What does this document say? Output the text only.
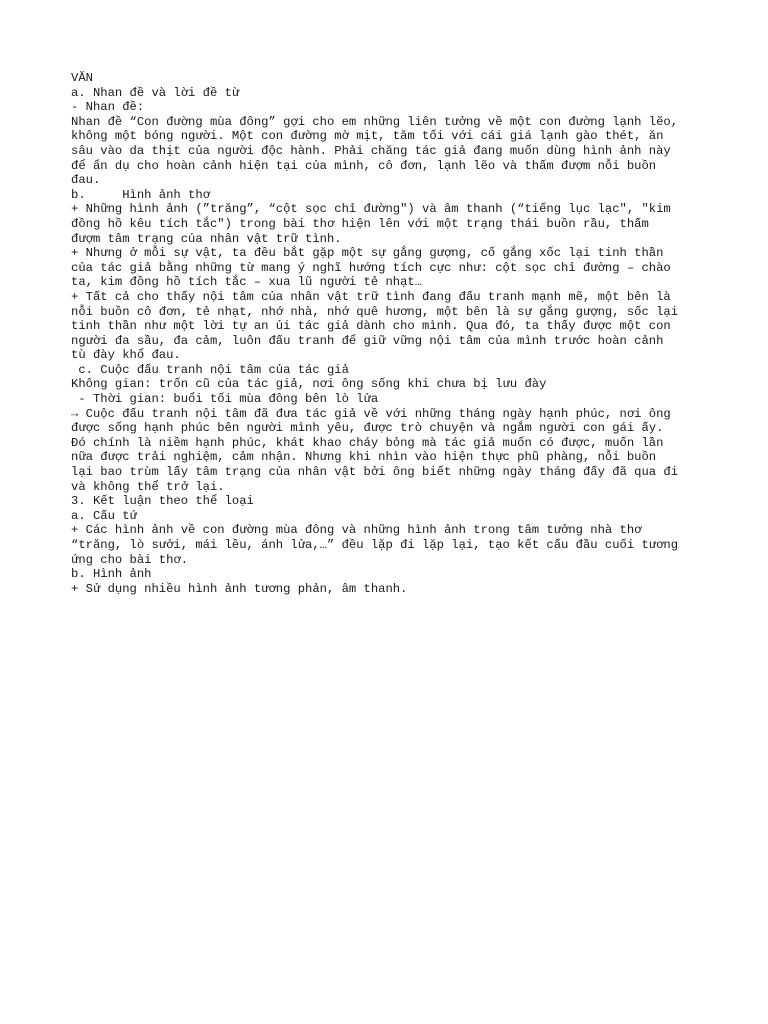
VĂN
a. Nhan đề và lời đề từ
- Nhan đề:
Nhan đề “Con đường mùa đông” gợi cho em những liên tưởng về một con đường lạnh lẽo,
không một bóng người. Một con đường mờ mịt, tăm tối với cái giá lạnh gào thét, ăn
sâu vào da thịt của người độc hành. Phải chăng tác giả đang muốn dùng hình ảnh này
để ẩn dụ cho hoàn cảnh hiện tại của mình, cô đơn, lạnh lẽo và thấm đượm nỗi buồn
đau.
b.     Hình ảnh thơ
+ Những hình ảnh (”trăng”, “cột sọc chỉ đường") và âm thanh (“tiếng lục lạc", "kim
đồng hồ kêu tích tắc") trong bài thơ hiện lên với một trạng thái buồn rầu, thấm
đượm tâm trạng của nhân vật trữ tình.
+ Nhưng ở mỗi sự vật, ta đều bắt gặp một sự gắng gượng, cố gắng xốc lại tinh thần
của tác giả bằng những từ mang ý nghĩ hướng tích cực như: cột sọc chỉ đường – chào
ta, kim đồng hồ tích tắc – xua lũ người tẻ nhạt…
+ Tất cả cho thấy nội tâm của nhân vật trữ tình đang đấu tranh mạnh mẽ, một bên là
nỗi buồn cô đơn, tẻ nhạt, nhớ nhà, nhớ quê hương, một bên là sự gắng gượng, sốc lại
tinh thần như một lời tự an ủi tác giả dành cho mình. Qua đó, ta thấy được một con
người đa sầu, đa cảm, luôn đấu tranh để giữ vững nội tâm của mình trước hoàn cảnh
tù đày khổ đau.
c. Cuộc đấu tranh nội tâm của tác giả
Không gian: trốn cũ của tác giả, nơi ông sống khi chưa bị lưu đày
- Thời gian: buổi tối mùa đông bên lò lửa
→ Cuộc đấu tranh nội tâm đã đưa tác giả về với những tháng ngày hạnh phúc, nơi ông
được sống hạnh phúc bên người mình yêu, được trò chuyện và ngắm người con gái ấy.
Đó chính là niềm hạnh phúc, khát khao cháy bỏng mà tác giả muốn có được, muốn lần
nữa được trải nghiệm, cảm nhận. Nhưng khi nhìn vào hiện thực phũ phàng, nỗi buồn
lại bao trùm lấy tâm trạng của nhân vật bởi ông biết những ngày tháng đấy đã qua đi
và không thể trở lại.
3. Kết luận theo thể loại
a. Cấu tứ
+ Các hình ảnh về con đường mùa đông và những hình ảnh trong tâm tưởng nhà thơ
“trăng, lò sưởi, mái lều, ánh lửa,…” đều lặp đi lặp lại, tạo kết cấu đầu cuối tương
ứng cho bài thơ.
b. Hình ảnh
+ Sử dụng nhiều hình ảnh tương phản, âm thanh.
